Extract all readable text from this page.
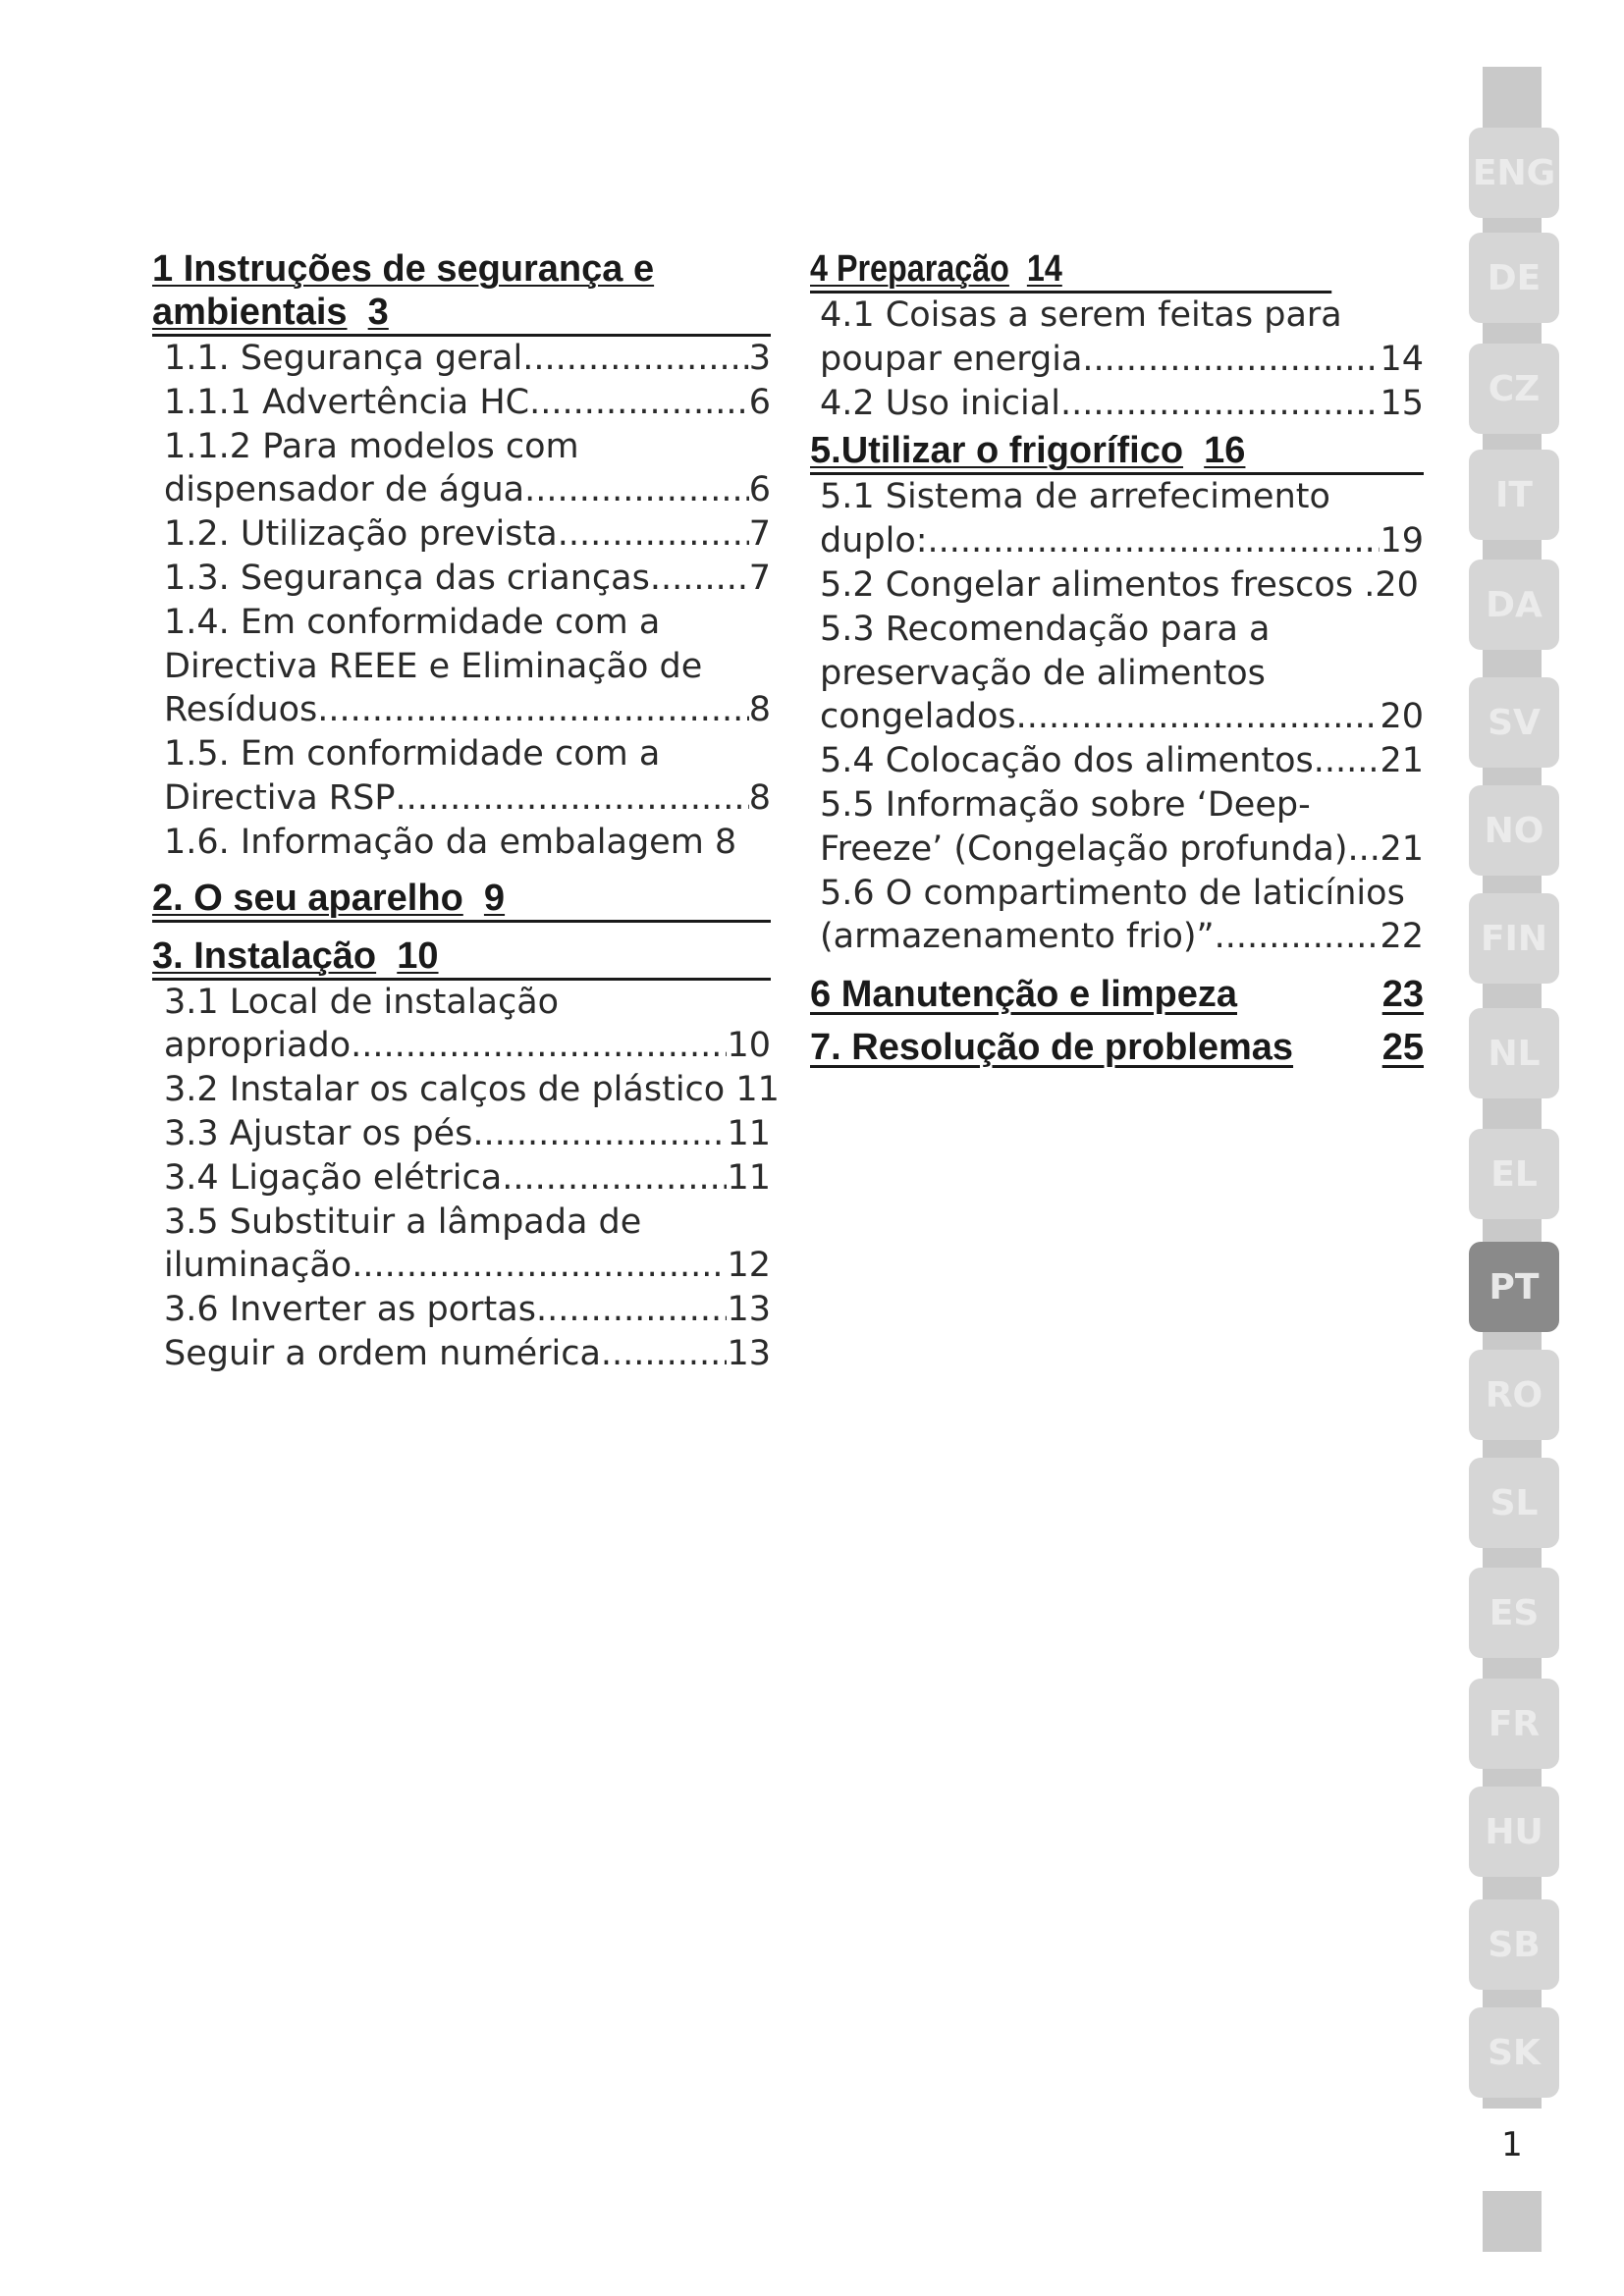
1 Instruções de segurança e
ambientais 3
1.1. Segurança geral .....	3
1.1.1 Advertência HC .....	6
1.1.2 Para modelos com
dispensador de água .....	6
1.2. Utilização prevista .....	7
1.3. Segurança das crianças .....	7
1.4. Em conformidade com a
Directiva REEE e Eliminação de
Resíduos .....	8
1.5. Em conformidade com a
Directiva RSP .....	8
1.6. Informação da embalagem 8
2. O seu aparelho 9
3. Instalação 10
3.1 Local de instalação
apropriado .....	10
3.2 Instalar os calços de plástico 11
3.3 Ajustar os pés .....	11
3.4 Ligação elétrica .....	11
3.5 Substituir a lâmpada de
iluminação .....	12
3.6 Inverter as portas .....	13
Seguir a ordem numérica. .....	13
4 Preparação 14
4.1 Coisas a serem feitas para
poupar energia .....	14
4.2 Uso inicial .....	15
5.Utilizar o frigorífico 16
5.1 Sistema de arrefecimento
duplo: .....	19
5.2 Congelar alimentos frescos .20
5.3 Recomendação para a
preservação de alimentos
congelados .....	20
5.4 Colocação dos alimentos ..... 21
5.5 Informação sobre ‘Deep-
Freeze’ (Congelação profunda) ..... 21
5.6 O compartimento de laticínios
(armazenamento frio)” .....	22
6 Manutenção e limpeza	23
7. Resolução de problemas 25
ENG
DE
CZ
IT
DA
SV
NO
FIN
NL
EL
PT
RO
SL
ES
FR
HU
SB
SK
1
